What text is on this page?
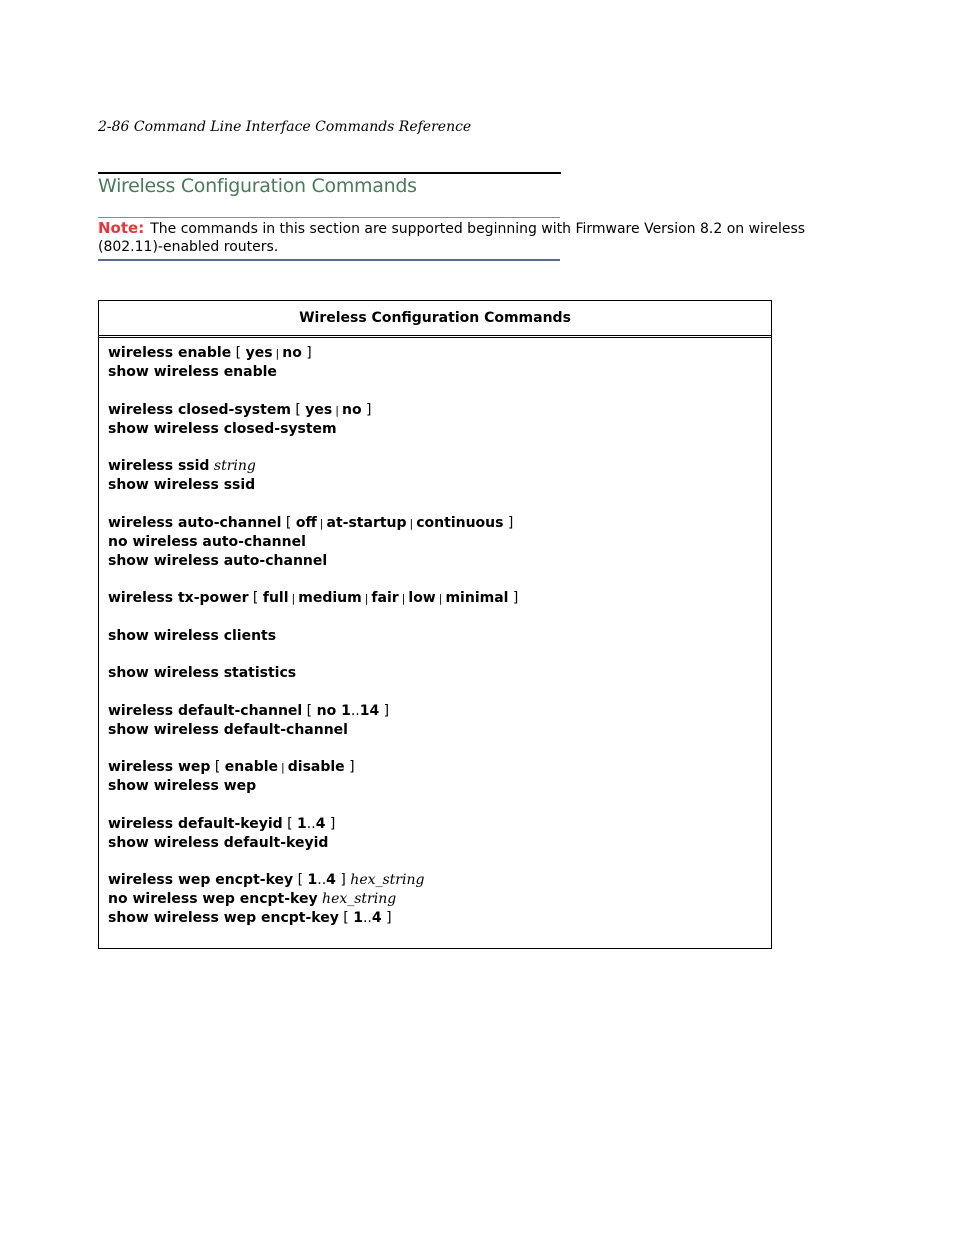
2-86 Command Line Interface Commands Reference
Wireless Configuration Commands
Note: The commands in this section are supported beginning with Firmware Version 8.2 on wireless (802.11)-enabled routers.
Wireless Configuration Commands
wireless enable [ yes | no ]
show wireless enable
wireless closed-system [ yes | no ]
show wireless closed-system
wireless ssid string
show wireless ssid
wireless auto-channel [ off | at-startup | continuous ]
no wireless auto-channel
show wireless auto-channel
wireless tx-power [ full | medium | fair | low | minimal ]
show wireless clients
show wireless statistics
wireless default-channel [ no 1..14 ]
show wireless default-channel
wireless wep [ enable | disable ]
show wireless wep
wireless default-keyid [ 1..4 ]
show wireless default-keyid
wireless wep encpt-key [ 1..4 ] hex_string
no wireless wep encpt-key hex_string
show wireless wep encpt-key [ 1..4 ]
